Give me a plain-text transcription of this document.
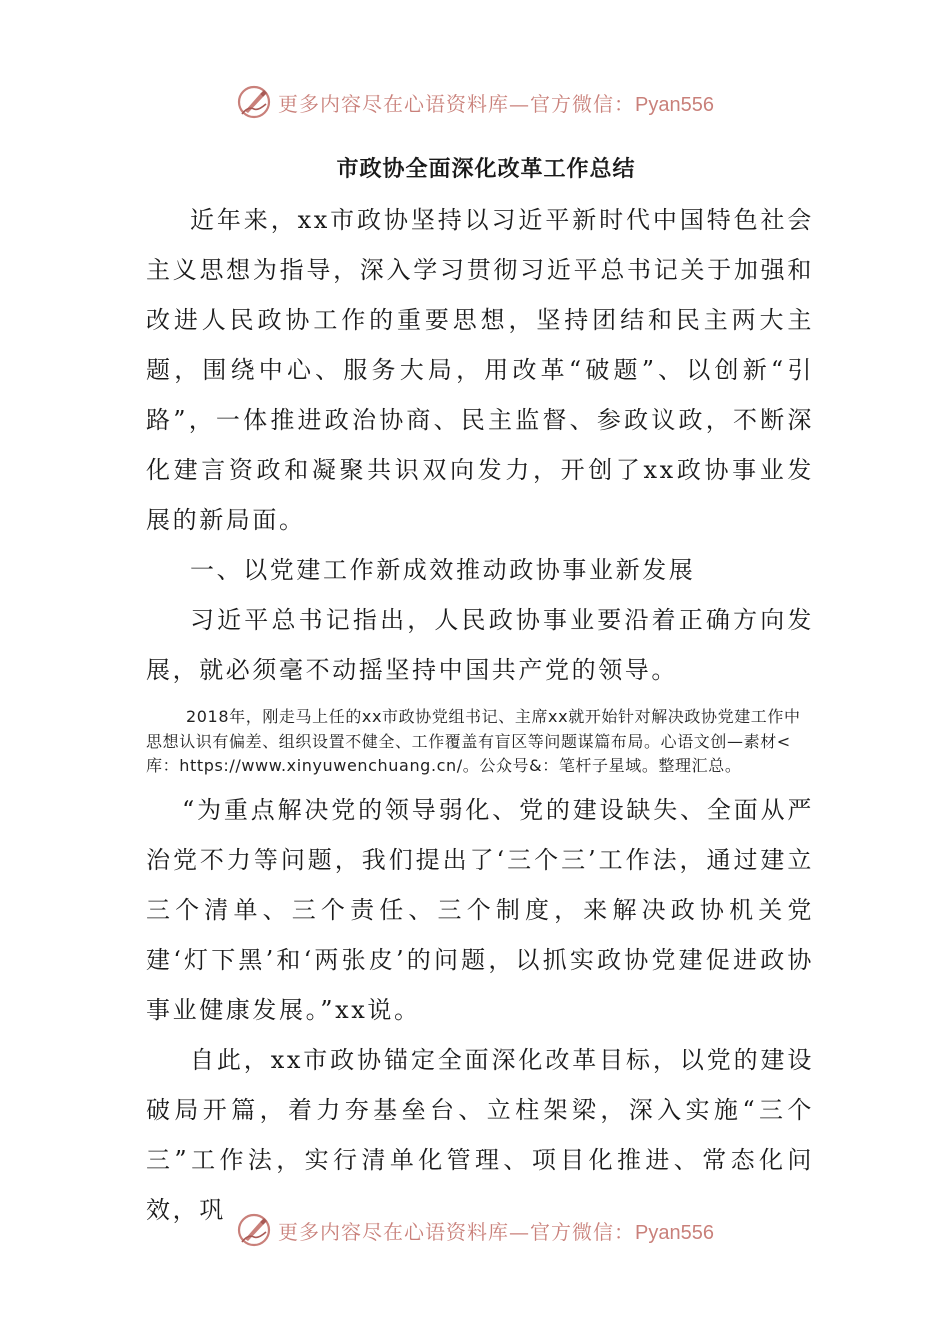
更多内容尽在心语资料库—官方微信：Pyan556
市政协全面深化改革工作总结

近年来，xx市政协坚持以习近平新时代中国特色社会主义思想为指导，深入学习贯彻习近平总书记关于加强和改进人民政协工作的重要思想，坚持团结和民主两大主题，围绕中心、服务大局，用改革“破题”、以创新“引路”，一体推进政治协商、民主监督、参政议政，不断深化建言资政和凝聚共识双向发力，开创了xx政协事业发展的新局面。

一、以党建工作新成效推动政协事业新发展

习近平总书记指出，人民政协事业要沿着正确方向发展，就必须毫不动摇坚持中国共产党的领导。

2018年，刚走马上任的xx市政协党组书记、主席xx就开始针对解决政协党建工作中思想认识有偏差、组织设置不健全、工作覆盖有盲区等问题谋篇布局。心语文创—素材<库：https://www.xinyuwenchuang.cn/。公众号&：笔杆子星域。整理汇总。

“为重点解决党的领导弱化、党的建设缺失、全面从严治党不力等问题，我们提出了‘三个三’工作法，通过建立三个清单、三个责任、三个制度，来解决政协机关党建‘灯下黑’和‘两张皮’的问题，以抓实政协党建促进政协事业健康发展。”xx说。

自此，xx市政协锚定全面深化改革目标，以党的建设破局开篇，着力夯基垒台、立柱架梁，深入实施“三个三”工作法，实行清单化管理、项目化推进、常态化问效，巩

更多内容尽在心语资料库—官方微信：Pyan556
